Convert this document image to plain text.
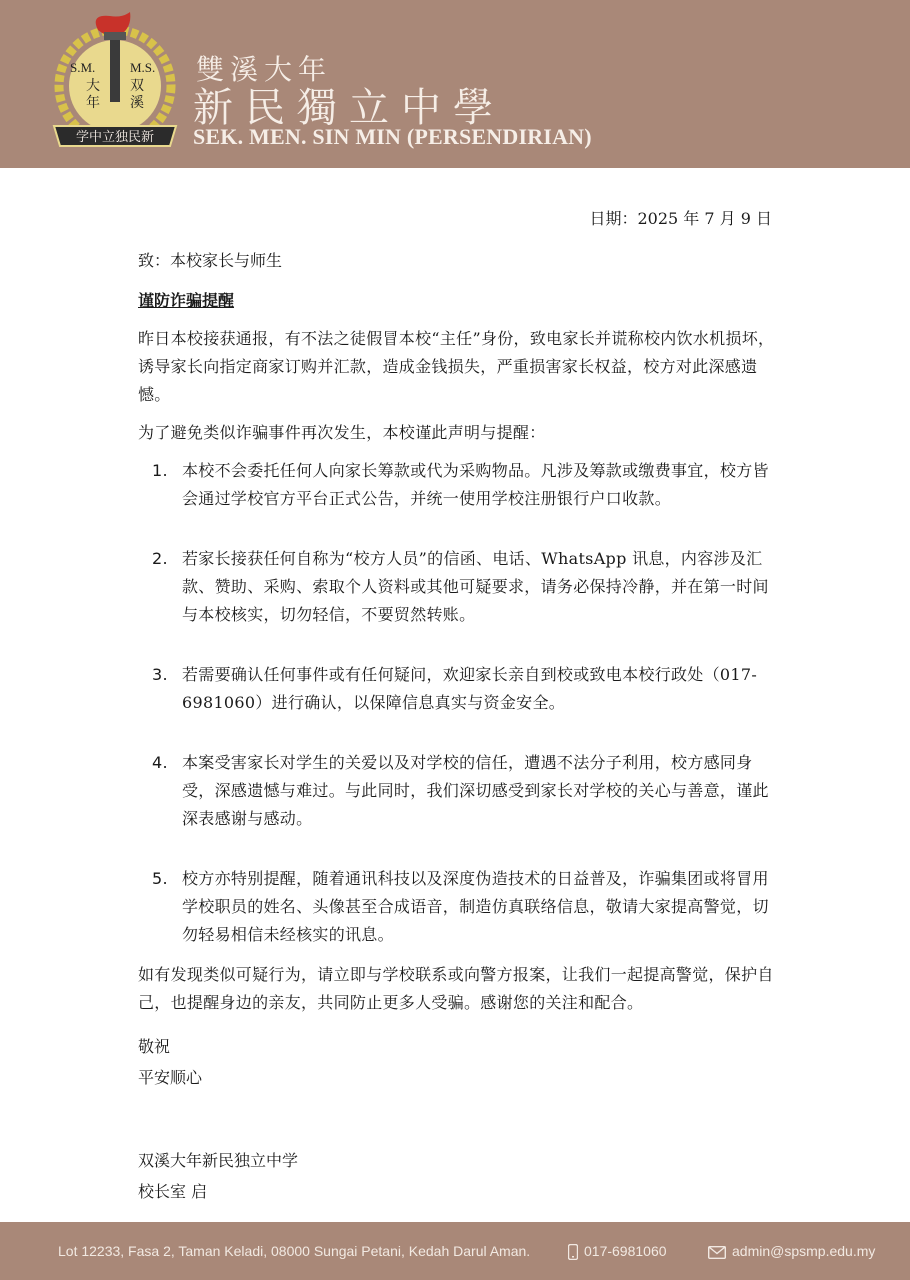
S.M.	M.S.
大
年
双
溪
学中立独民新
雙溪大年
新民獨立中學
SEK. MEN. SIN MIN (PERSENDIRIAN)
日期：2025 年 7 月 9 日
致：本校家长与师生
谨防诈骗提醒

昨日本校接获通报，有不法之徒假冒本校“主任”身份，致电家长并谎称校内饮水机损坏，诱导家长向指定商家订购并汇款，造成金钱损失，严重损害家长权益，校方对此深感遗憾。

为了避免类似诈骗事件再次发生，本校谨此声明与提醒：

1. 本校不会委托任何人向家长筹款或代为采购物品。凡涉及筹款或缴费事宜，校方皆会通过学校官方平台正式公告，并统一使用学校注册银行户口收款。
2. 若家长接获任何自称为“校方人员”的信函、电话、WhatsApp 讯息，内容涉及汇款、赞助、采购、索取个人资料或其他可疑要求，请务必保持冷静，并在第一时间与本校核实，切勿轻信，不要贸然转账。
3. 若需要确认任何事件或有任何疑问，欢迎家长亲自到校或致电本校行政处（017-6981060）进行确认，以保障信息真实与资金安全。
4. 本案受害家长对学生的关爱以及对学校的信任，遭遇不法分子利用，校方感同身受，深感遗憾与难过。与此同时，我们深切感受到家长对学校的关心与善意，谨此深表感谢与感动。
5. 校方亦特别提醒，随着通讯科技以及深度伪造技术的日益普及，诈骗集团或将冒用学校职员的姓名、头像甚至合成语音，制造仿真联络信息，敬请大家提高警觉，切勿轻易相信未经核实的讯息。

如有发现类似可疑行为，请立即与学校联系或向警方报案，让我们一起提高警觉，保护自己，也提醒身边的亲友，共同防止更多人受骗。感谢您的关注和配合。

敬祝
平安顺心
双溪大年新民独立中学
校长室 启
Lot 12233, Fasa 2, Taman Keladi, 08000 Sungai Petani, Kedah Darul Aman.	017-6981060	admin@spsmp.edu.my
